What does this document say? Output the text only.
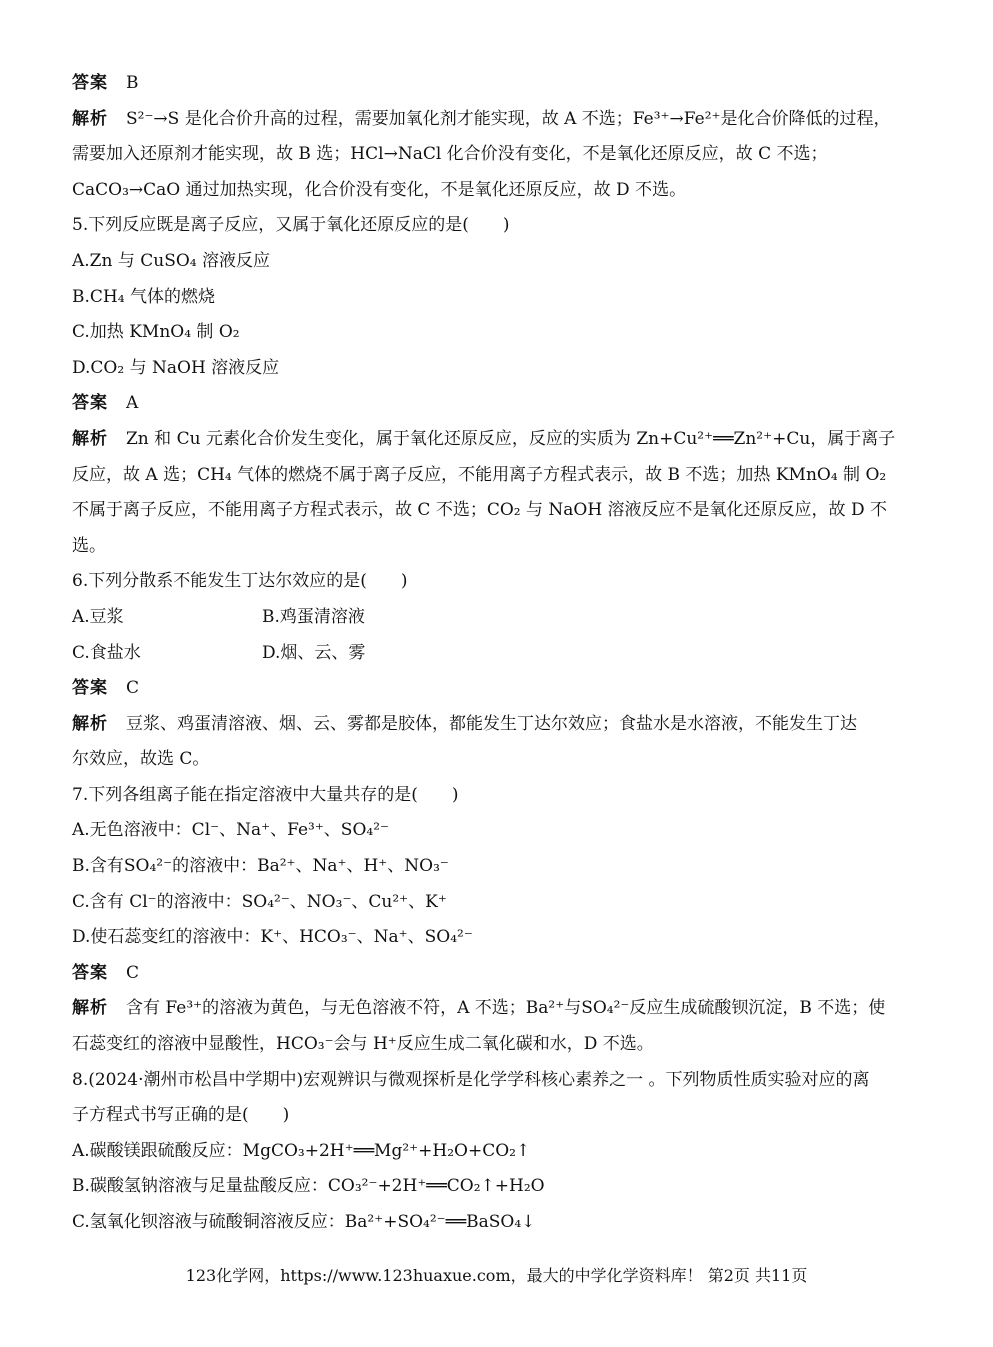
答案 B
解析 S²⁻→S 是化合价升高的过程，需要加氧化剂才能实现，故 A 不选；Fe³⁺→Fe²⁺是化合价降低的过程，
需要加入还原剂才能实现，故 B 选；HCl→NaCl 化合价没有变化，不是氧化还原反应，故 C 不选；
CaCO₃→CaO 通过加热实现，化合价没有变化，不是氧化还原反应，故 D 不选。
5.下列反应既是离子反应，又属于氧化还原反应的是(　　)
A.Zn 与 CuSO₄ 溶液反应
B.CH₄ 气体的燃烧
C.加热 KMnO₄ 制 O₂
D.CO₂ 与 NaOH 溶液反应
答案 A
解析 Zn 和 Cu 元素化合价发生变化，属于氧化还原反应，反应的实质为 Zn+Cu²⁺══Zn²⁺+Cu，属于离子
反应，故 A 选；CH₄ 气体的燃烧不属于离子反应，不能用离子方程式表示，故 B 不选；加热 KMnO₄ 制 O₂
不属于离子反应，不能用离子方程式表示，故 C 不选；CO₂ 与 NaOH 溶液反应不是氧化还原反应，故 D 不
选。
6.下列分散系不能发生丁达尔效应的是(　　)
A.豆浆	B.鸡蛋清溶液
C.食盐水	D.烟、云、雾
答案 C
解析 豆浆、鸡蛋清溶液、烟、云、雾都是胶体，都能发生丁达尔效应；食盐水是水溶液，不能发生丁达
尔效应，故选 C。
7.下列各组离子能在指定溶液中大量共存的是(　　)
A.无色溶液中：Cl⁻、Na⁺、Fe³⁺、SO₄²⁻
B.含有SO₄²⁻的溶液中：Ba²⁺、Na⁺、H⁺、NO₃⁻
C.含有 Cl⁻的溶液中：SO₄²⁻、NO₃⁻、Cu²⁺、K⁺
D.使石蕊变红的溶液中：K⁺、HCO₃⁻、Na⁺、SO₄²⁻
答案 C
解析 含有 Fe³⁺的溶液为黄色，与无色溶液不符，A 不选；Ba²⁺与SO₄²⁻反应生成硫酸钡沉淀，B 不选；使
石蕊变红的溶液中显酸性，HCO₃⁻会与 H⁺反应生成二氧化碳和水，D 不选。
8.(2024·潮州市松昌中学期中)宏观辨识与微观探析是化学学科核心素养之一 。下列物质性质实验对应的离
子方程式书写正确的是(　　)
A.碳酸镁跟硫酸反应：MgCO₃+2H⁺══Mg²⁺+H₂O+CO₂↑
B.碳酸氢钠溶液与足量盐酸反应：CO₃²⁻+2H⁺══CO₂↑+H₂O
C.氢氧化钡溶液与硫酸铜溶液反应：Ba²⁺+SO₄²⁻══BaSO₄↓
123化学网，https://www.123huaxue.com，最大的中学化学资料库！ 第2页 共11页
